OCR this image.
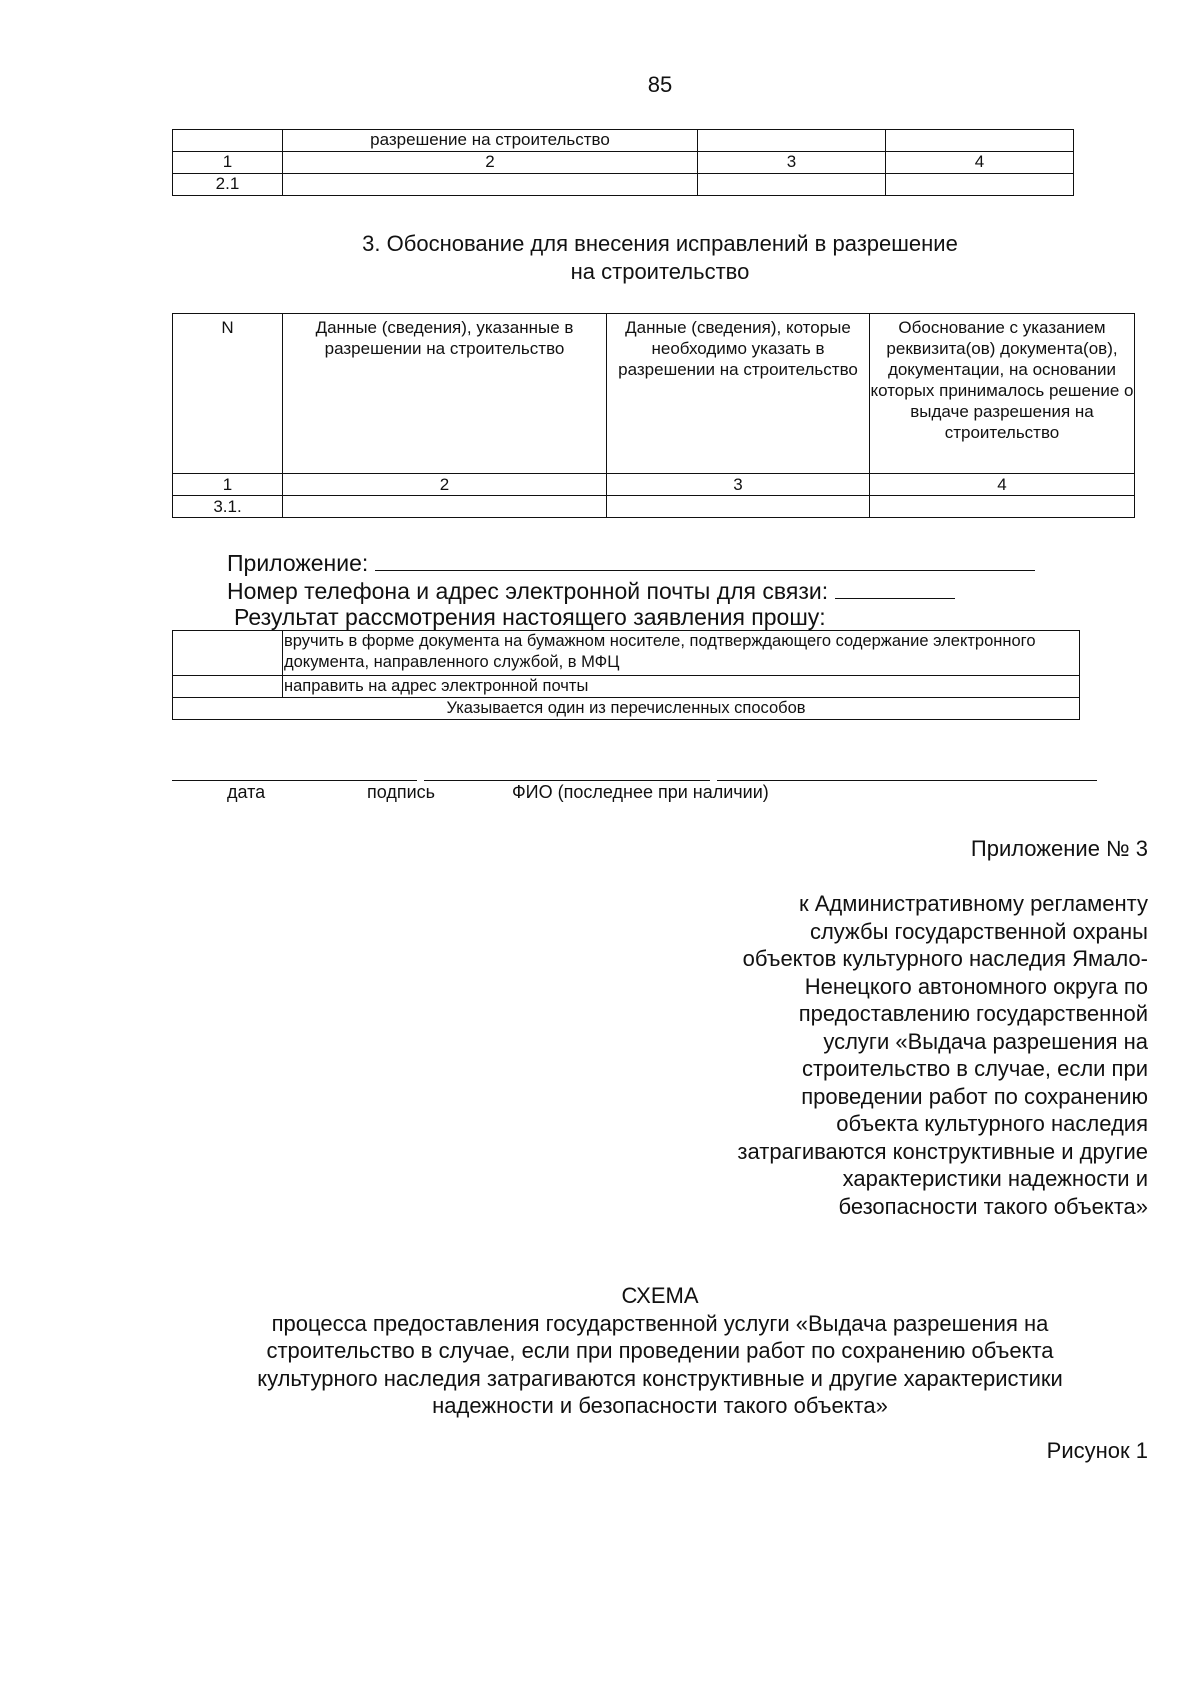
85
	разрешение на строительство		
1	2	3	4
2.1			
3. Обоснование для внесения исправлений в разрешение
на строительство
N	Данные (сведения), указанные в разрешении на строительство	Данные (сведения), которые необходимо указать в разрешении на строительство	Обоснование с указанием реквизита(ов) документа(ов), документации, на основании которых принималось решение о выдаче разрешения на строительство
1	2	3	4
3.1.			
Приложение:
Номер телефона и адрес электронной почты для связи:
Результат рассмотрения настоящего заявления прошу:
	вручить в форме документа на бумажном носителе, подтверждающего содержание электронного документа, направленного службой, в МФЦ
	направить на адрес электронной почты
Указывается один из перечисленных способов	
дата	подпись	ФИО (последнее при наличии)
Приложение № 3
к Административному регламенту
службы государственной охраны
объектов культурного наследия Ямало-
Ненецкого автономного округа по
предоставлению государственной
услуги «Выдача разрешения на
строительство в случае, если при
проведении работ по сохранению
объекта культурного наследия
затрагиваются конструктивные и другие
характеристики надежности и
безопасности такого объекта»
СХЕМА
процесса предоставления государственной услуги «Выдача разрешения на
строительство в случае, если при проведении работ по сохранению объекта
культурного наследия затрагиваются конструктивные и другие характеристики
надежности и безопасности такого объекта»
Рисунок 1
